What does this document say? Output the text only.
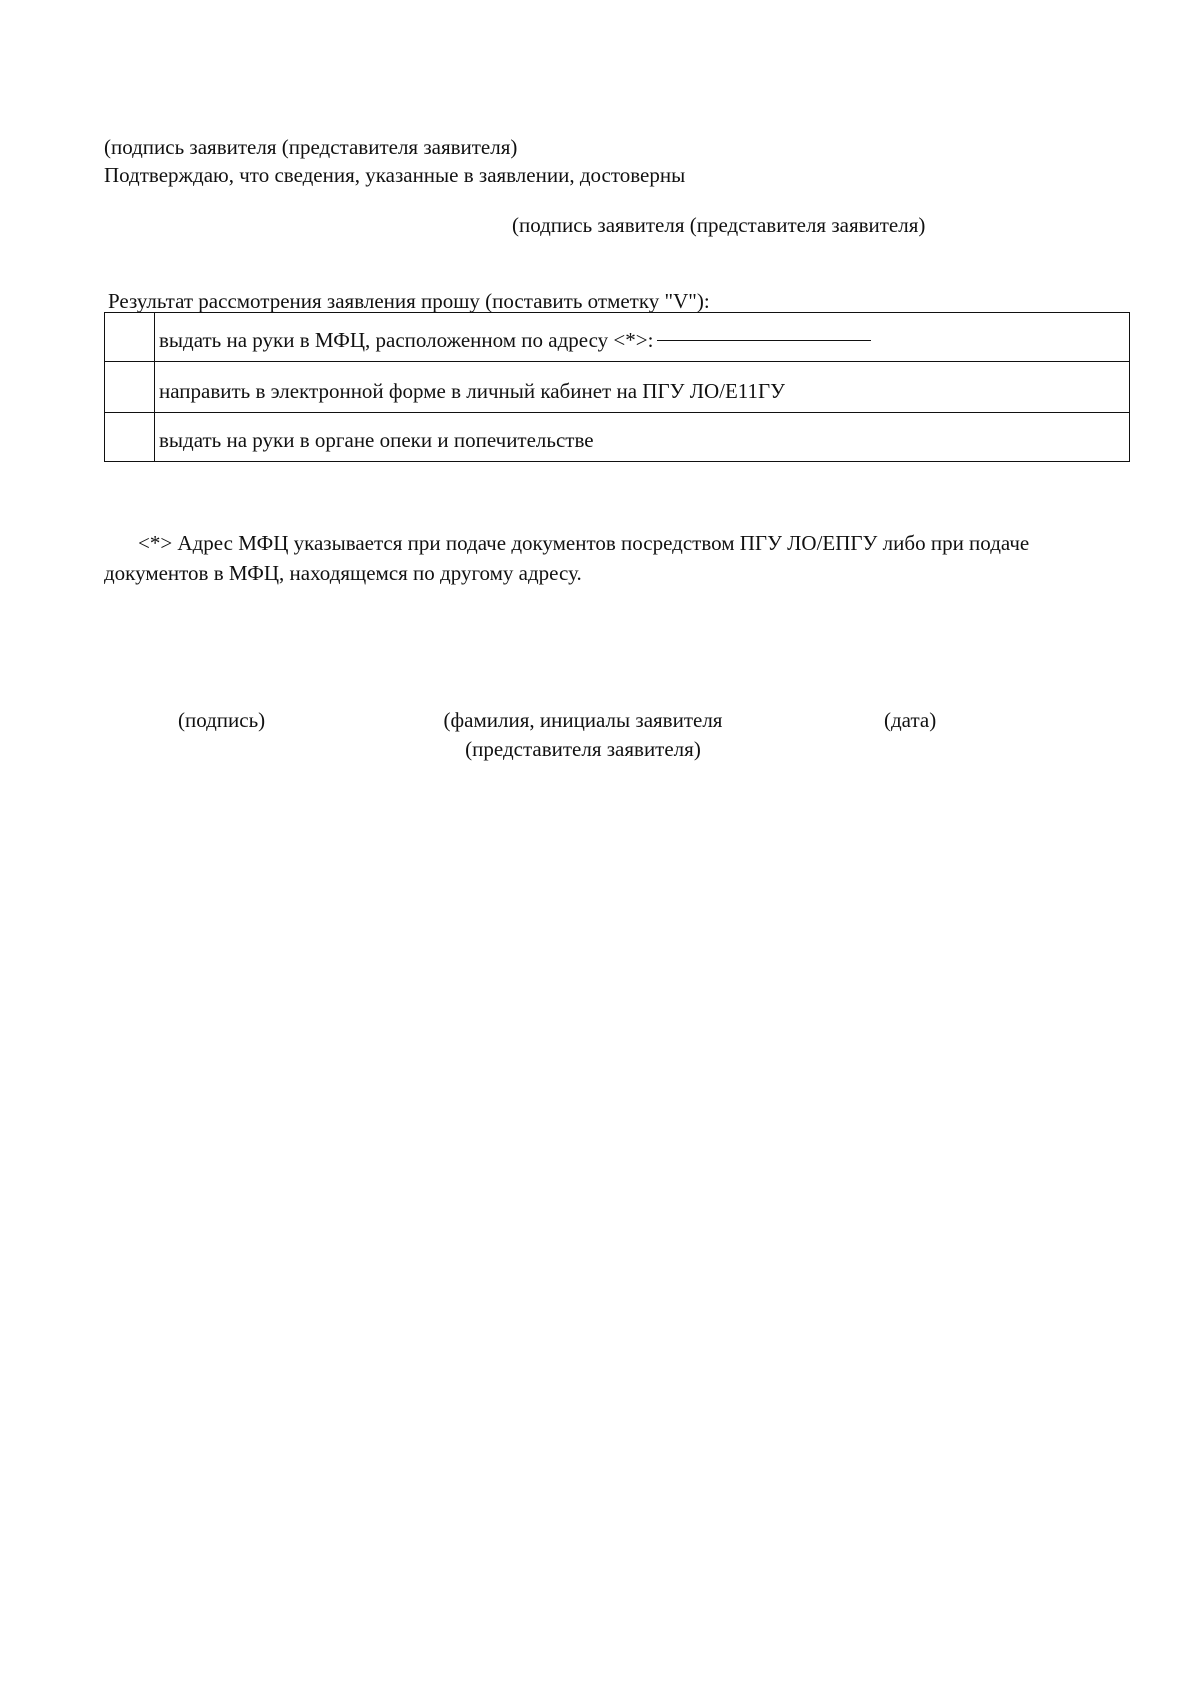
(подпись заявителя (представителя заявителя)
Подтверждаю, что сведения, указанные в заявлении, достоверны
(подпись заявителя (представителя заявителя)
Результат рассмотрения заявления прошу (поставить отметку "V"):
	выдать на руки в МФЦ, расположенном по адресу <*>:
	направить в электронной форме в личный кабинет на ПГУ ЛО/Е11ГУ
	выдать на руки в органе опеки и попечительстве
<*> Адрес МФЦ указывается при подаче документов посредством ПГУ ЛО/ЕПГУ либо при подаче документов в МФЦ, находящемся по другому адресу.
(подпись)	(фамилия, инициалы заявителя
(представителя заявителя)
(дата)
